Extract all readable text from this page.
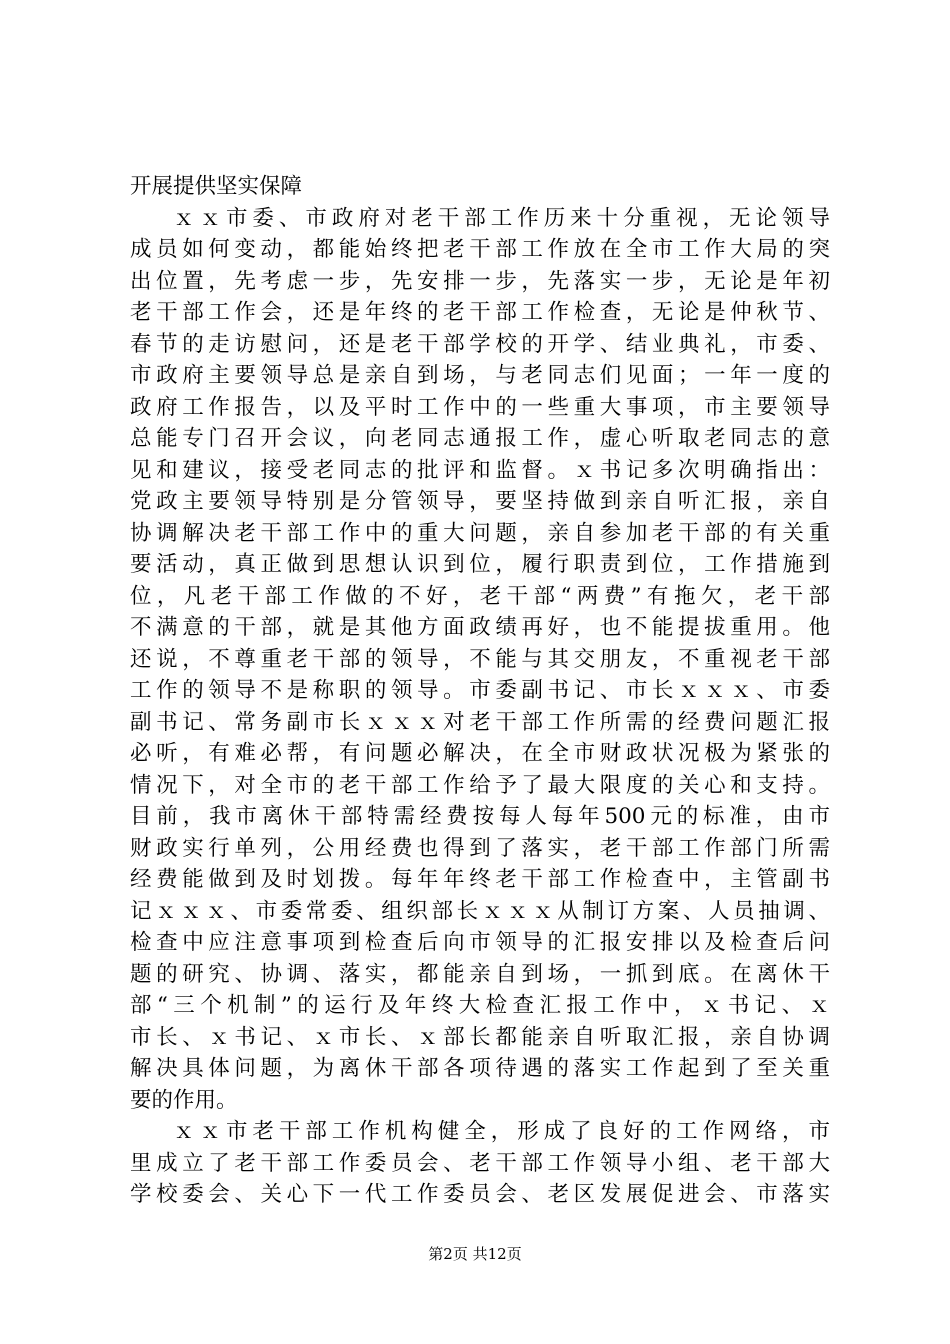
开展提供坚实保障
ｘｘ市委、市政府对老干部工作历来十分重视，无论领导
成员如何变动，都能始终把老干部工作放在全市工作大局的突
出位置，先考虑一步，先安排一步，先落实一步，无论是年初
老干部工作会，还是年终的老干部工作检查，无论是仲秋节、
春节的走访慰问，还是老干部学校的开学、结业典礼，市委、
市政府主要领导总是亲自到场，与老同志们见面；一年一度的
政府工作报告，以及平时工作中的一些重大事项，市主要领导
总能专门召开会议，向老同志通报工作，虚心听取老同志的意
见和建议，接受老同志的批评和监督。ｘ书记多次明确指出：
党政主要领导特别是分管领导，要坚持做到亲自听汇报，亲自
协调解决老干部工作中的重大问题，亲自参加老干部的有关重
要活动，真正做到思想认识到位，履行职责到位，工作措施到
位，凡老干部工作做的不好，老干部“两费”有拖欠，老干部
不满意的干部，就是其他方面政绩再好，也不能提拔重用。他
还说，不尊重老干部的领导，不能与其交朋友，不重视老干部
工作的领导不是称职的领导。市委副书记、市长ｘｘｘ、市委
副书记、常务副市长ｘｘｘ对老干部工作所需的经费问题汇报
必听，有难必帮，有问题必解决，在全市财政状况极为紧张的
情况下，对全市的老干部工作给予了最大限度的关心和支持。
目前，我市离休干部特需经费按每人每年500元的标准，由市
财政实行单列，公用经费也得到了落实，老干部工作部门所需
经费能做到及时划拨。每年年终老干部工作检查中，主管副书
记ｘｘｘ、市委常委、组织部长ｘｘｘ从制订方案、人员抽调、
检查中应注意事项到检查后向市领导的汇报安排以及检查后问
题的研究、协调、落实，都能亲自到场，一抓到底。在离休干
部“三个机制”的运行及年终大检查汇报工作中，ｘ书记、ｘ
市长、ｘ书记、ｘ市长、ｘ部长都能亲自听取汇报，亲自协调
解决具体问题，为离休干部各项待遇的落实工作起到了至关重
要的作用。
ｘｘ市老干部工作机构健全，形成了良好的工作网络，市
里成立了老干部工作委员会、老干部工作领导小组、老干部大
学校委会、关心下一代工作委员会、老区发展促进会、市落实
第2页 共12页
